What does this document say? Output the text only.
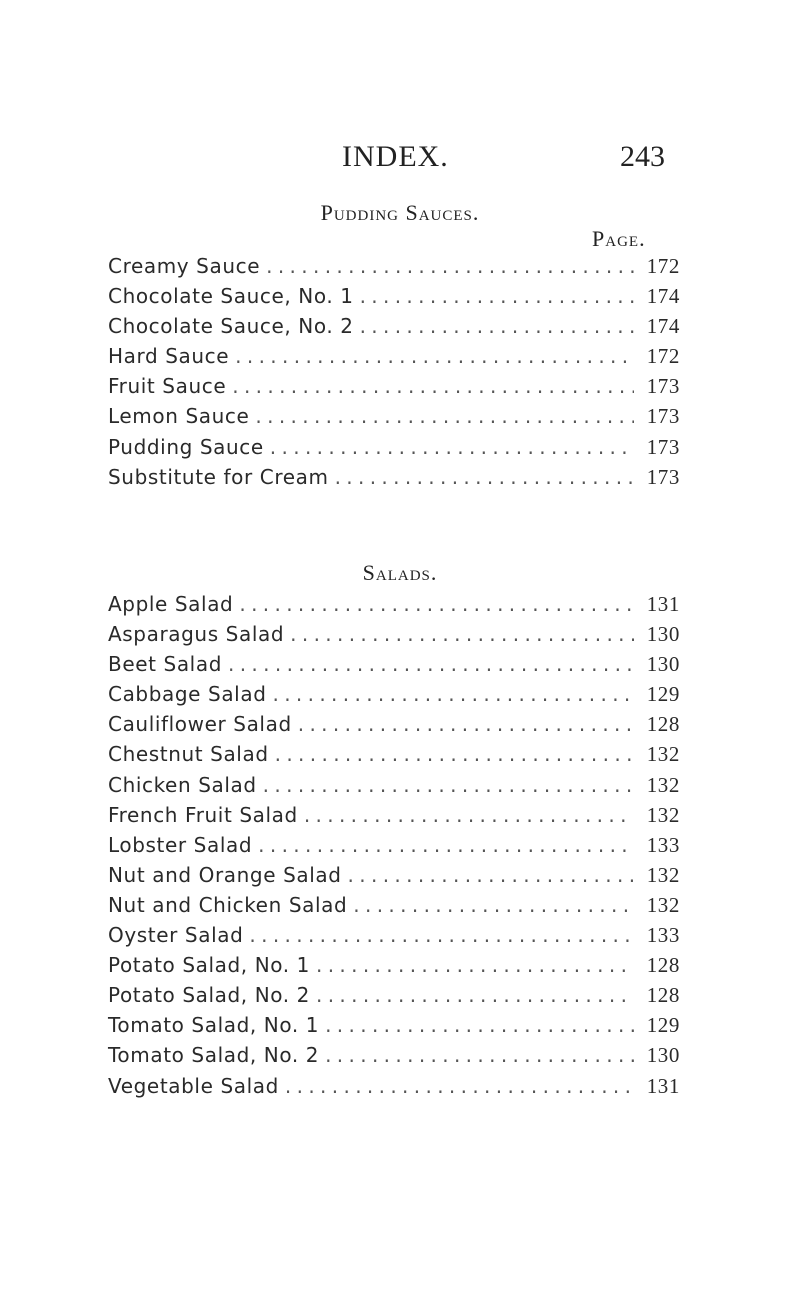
INDEX.	243
Pudding Sauces.
Page.
Creamy Sauce . . .	172
Chocolate Sauce, No. 1 . . .	174
Chocolate Sauce, No. 2 . . .	174
Hard Sauce . . .	172
Fruit Sauce . . .	173
Lemon Sauce . . .	173
Pudding Sauce . . .	173
Substitute for Cream . . .	173
Salads.
Apple Salad . . .	131
Asparagus Salad . . .	130
Beet Salad . . .	130
Cabbage Salad . . .	129
Cauliflower Salad . . .	128
Chestnut Salad . . .	132
Chicken Salad . . .	132
French Fruit Salad . . .	132
Lobster Salad . . .	133
Nut and Orange Salad . . .	132
Nut and Chicken Salad . . .	132
Oyster Salad . . .	133
Potato Salad, No. 1 . . .	128
Potato Salad, No. 2 . . .	128
Tomato Salad, No. 1 . . .	129
Tomato Salad, No. 2 . . .	130
Vegetable Salad . . .	131
